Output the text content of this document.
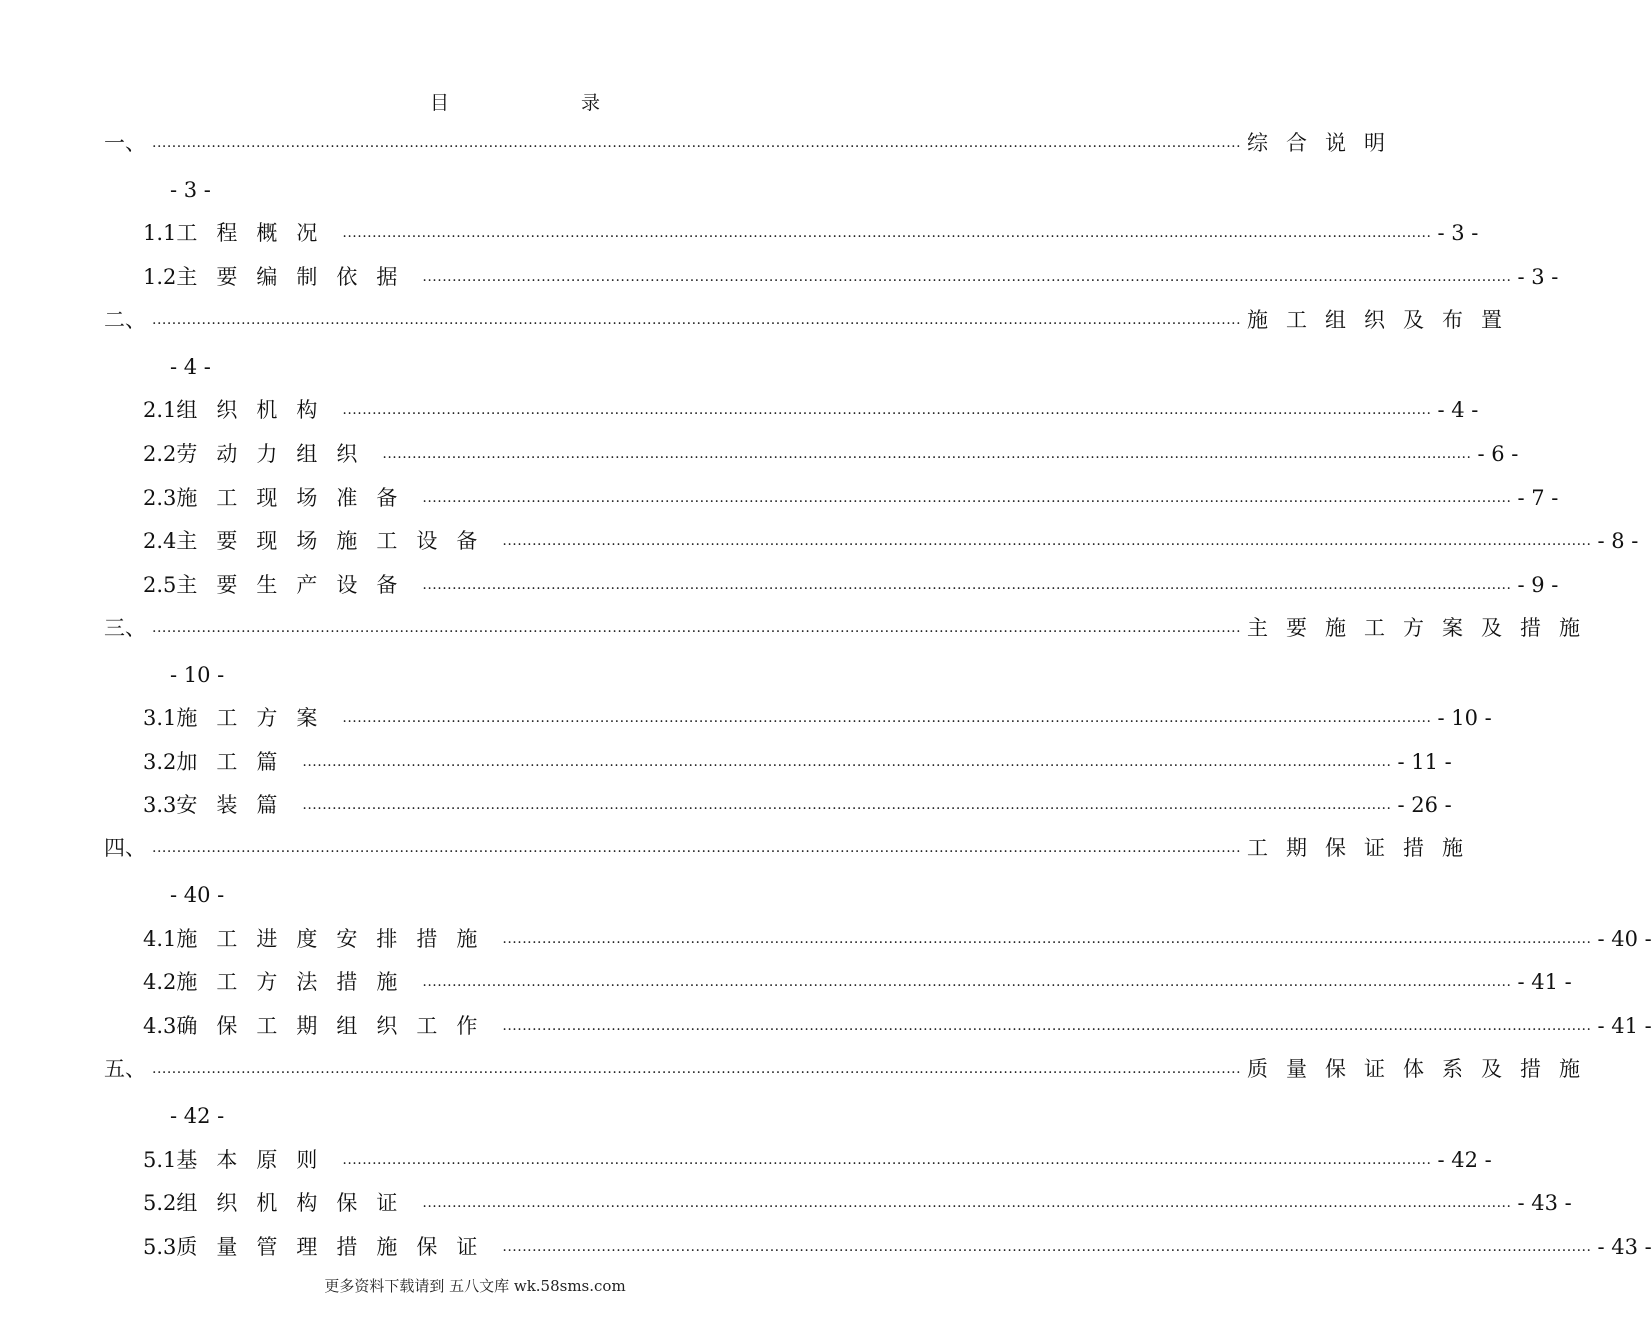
目	录
一 、 ............................................................................................................................................................................................................................ 综合说明
- 3 -
1.1 工程概况 ............................................................................................................................................................................................................................ - 3 -
1.2 主要编制依据 ............................................................................................................................................................................................................................ - 3 -
二 、 ............................................................................................................................................................................................................................ 施工组织及布置
- 4 -
2.1 组织机构 ............................................................................................................................................................................................................................ - 4 -
2.2 劳动力组织 ............................................................................................................................................................................................................................ - 6 -
2.3 施工现场准备 ............................................................................................................................................................................................................................ - 7 -
2.4 主要现场施工设备 ............................................................................................................................................................................................................................ - 8 -
2.5 主要生产设备 ............................................................................................................................................................................................................................ - 9 -
三 、 ............................................................................................................................................................................................................................ 主要施工方案及措施
- 10 -
3.1 施工方案 ............................................................................................................................................................................................................................ - 10 -
3.2 加工篇 ............................................................................................................................................................................................................................ - 11 -
3.3 安装篇 ............................................................................................................................................................................................................................ - 26 -
四 、 ............................................................................................................................................................................................................................ 工期保证措施
- 40 -
4.1 施工进度安排措施 ............................................................................................................................................................................................................................ - 40 -
4.2 施工方法措施 ............................................................................................................................................................................................................................ - 41 -
4.3 确保工期组织工作 ............................................................................................................................................................................................................................ - 41 -
五 、 ............................................................................................................................................................................................................................ 质量保证体系及措施
- 42 -
5.1 基本原则 ............................................................................................................................................................................................................................ - 42 -
5.2 组织机构保证 ............................................................................................................................................................................................................................ - 43 -
5.3 质量管理措施保证 ............................................................................................................................................................................................................................ - 43 -
更多资料下载请到 五八文库 wk.58sms.com
